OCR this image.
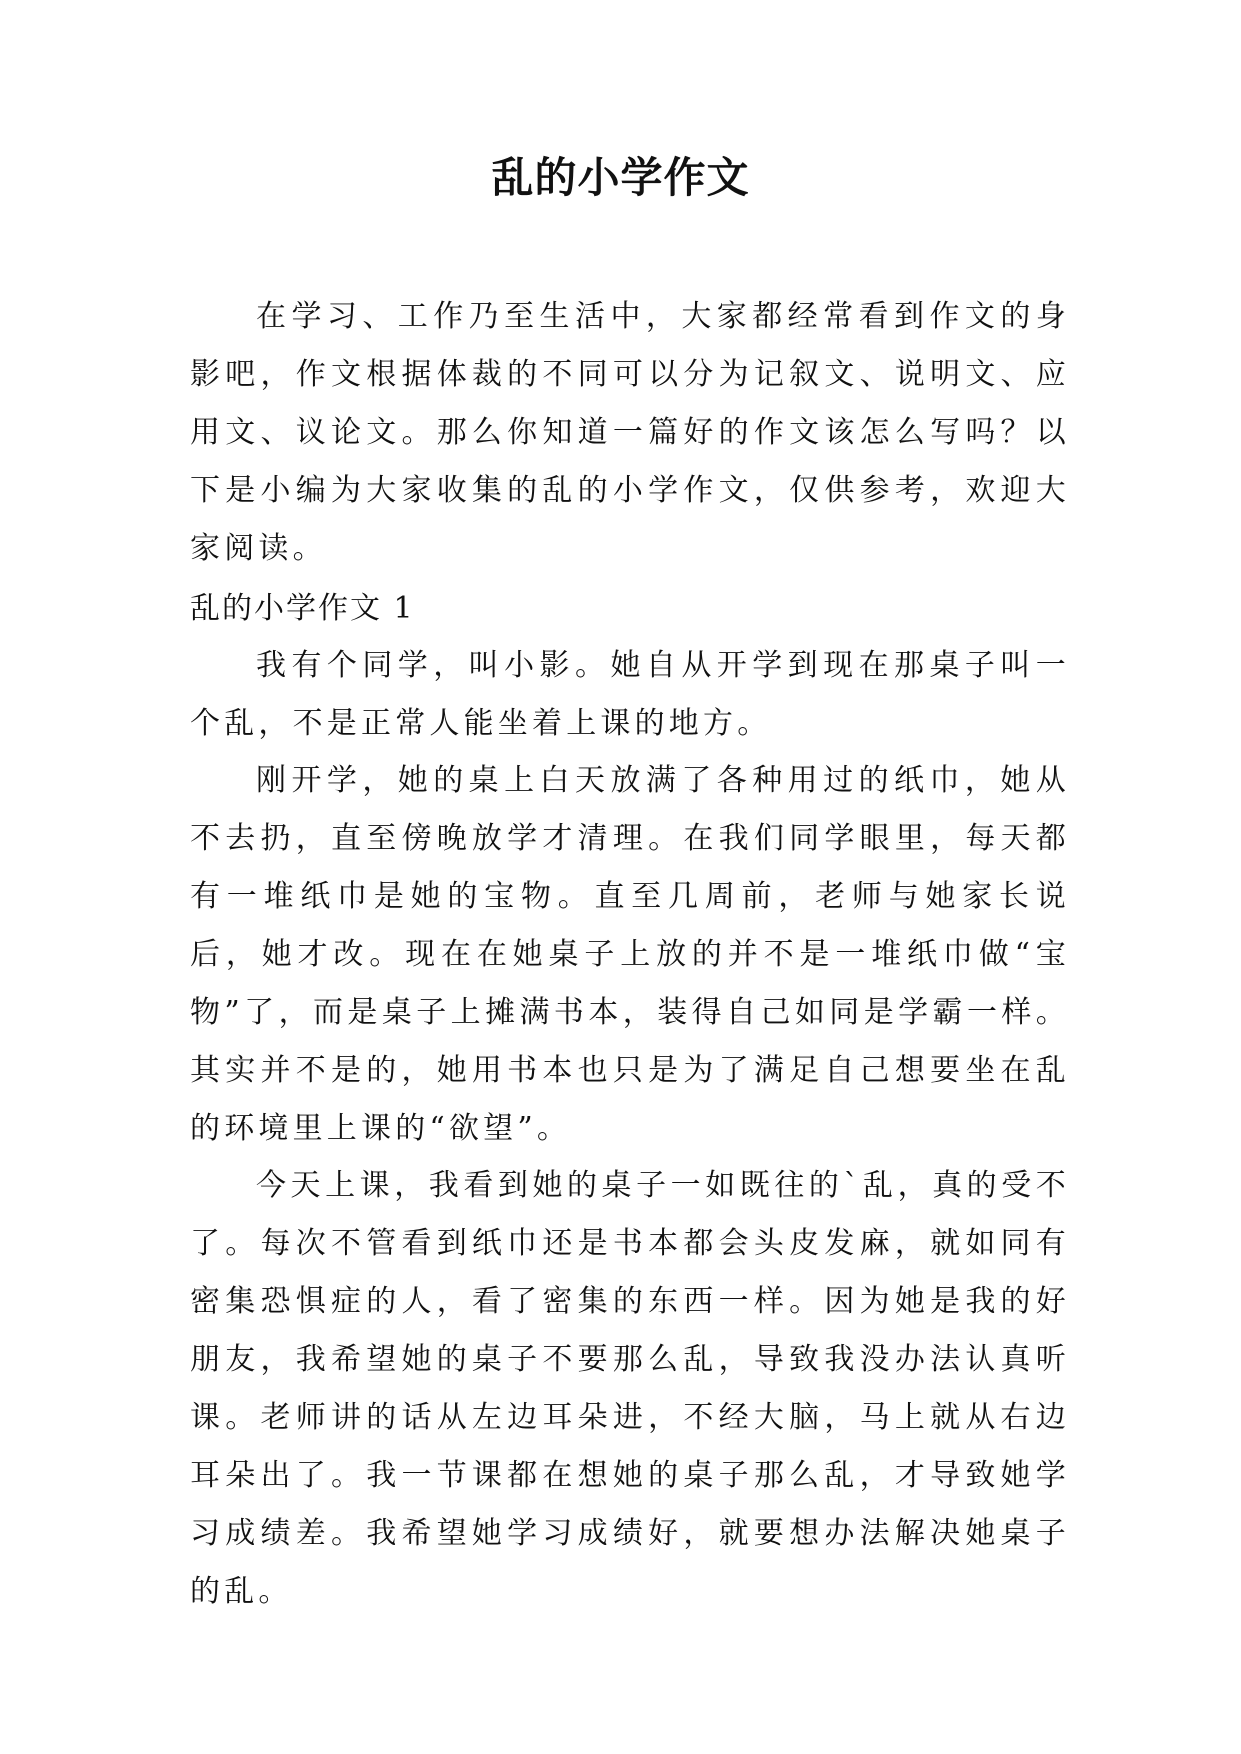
乱的小学作文

在学习、工作乃至生活中，大家都经常看到作文的身影吧，作文根据体裁的不同可以分为记叙文、说明文、应用文、议论文。那么你知道一篇好的作文该怎么写吗？以下是小编为大家收集的乱的小学作文，仅供参考，欢迎大家阅读。

乱的小学作文 1

我有个同学，叫小影。她自从开学到现在那桌子叫一个乱，不是正常人能坐着上课的地方。

刚开学，她的桌上白天放满了各种用过的纸巾，她从不去扔，直至傍晚放学才清理。在我们同学眼里，每天都有一堆纸巾是她的宝物。直至几周前，老师与她家长说后，她才改。现在在她桌子上放的并不是一堆纸巾做“宝物”了，而是桌子上摊满书本，装得自己如同是学霸一样。其实并不是的，她用书本也只是为了满足自己想要坐在乱的环境里上课的“欲望”。

今天上课，我看到她的桌子一如既往的`乱，真的受不了。每次不管看到纸巾还是书本都会头皮发麻，就如同有密集恐惧症的人，看了密集的东西一样。因为她是我的好朋友，我希望她的桌子不要那么乱，导致我没办法认真听课。老师讲的话从左边耳朵进，不经大脑，马上就从右边耳朵出了。我一节课都在想她的桌子那么乱，才导致她学习成绩差。我希望她学习成绩好，就要想办法解决她桌子的乱。
